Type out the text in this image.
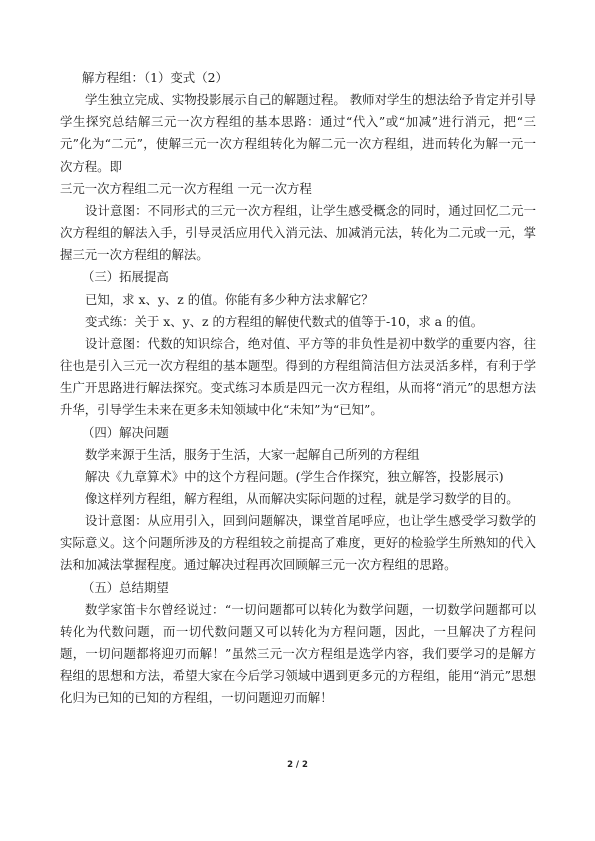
解方程组：（1）变式（2）

学生独立完成、实物投影展示自己的解题过程。 教师对学生的想法给予肯定并引导学生探究总结解三元一次方程组的基本思路：通过“代入”或“加减”进行消元，把“三元”化为“二元”，使解三元一次方程组转化为解二元一次方程组，进而转化为解一元一次方程。即

三元一次方程组二元一次方程组 一元一次方程

设计意图：不同形式的三元一次方程组，让学生感受概念的同时，通过回忆二元一次方程组的解法入手，引导灵活应用代入消元法、加减消元法，转化为二元或一元，掌握三元一次方程组的解法。

（三）拓展提高

已知，求 x、y、z 的值。你能有多少种方法求解它？

变式练：关于 x、y、z 的方程组的解使代数式的值等于-10，求 a 的值。

设计意图：代数的知识综合，绝对值、平方等的非负性是初中数学的重要内容，往往也是引入三元一次方程组的基本题型。得到的方程组简洁但方法灵活多样，有利于学生广开思路进行解法探究。变式练习本质是四元一次方程组，从而将“消元”的思想方法升华，引导学生未来在更多未知领域中化“未知”为“已知”。

（四）解决问题

数学来源于生活，服务于生活，大家一起解自己所列的方程组

解决《九章算术》中的这个方程问题。(学生合作探究，独立解答，投影展示)

像这样列方程组，解方程组，从而解决实际问题的过程，就是学习数学的目的。

设计意图：从应用引入，回到问题解决，课堂首尾呼应，也让学生感受学习数学的实际意义。这个问题所涉及的方程组较之前提高了难度，更好的检验学生所熟知的代入法和加减法掌握程度。通过解决过程再次回顾解三元一次方程组的思路。

（五）总结期望

数学家笛卡尔曾经说过：“一切问题都可以转化为数学问题，一切数学问题都可以转化为代数问题，而一切代数问题又可以转化为方程问题，因此，一旦解决了方程问题，一切问题都将迎刃而解！”虽然三元一次方程组是选学内容，我们要学习的是解方程组的思想和方法，希望大家在今后学习领域中遇到更多元的方程组，能用“消元”思想化归为已知的已知的方程组，一切问题迎刃而解！

2 / 2
